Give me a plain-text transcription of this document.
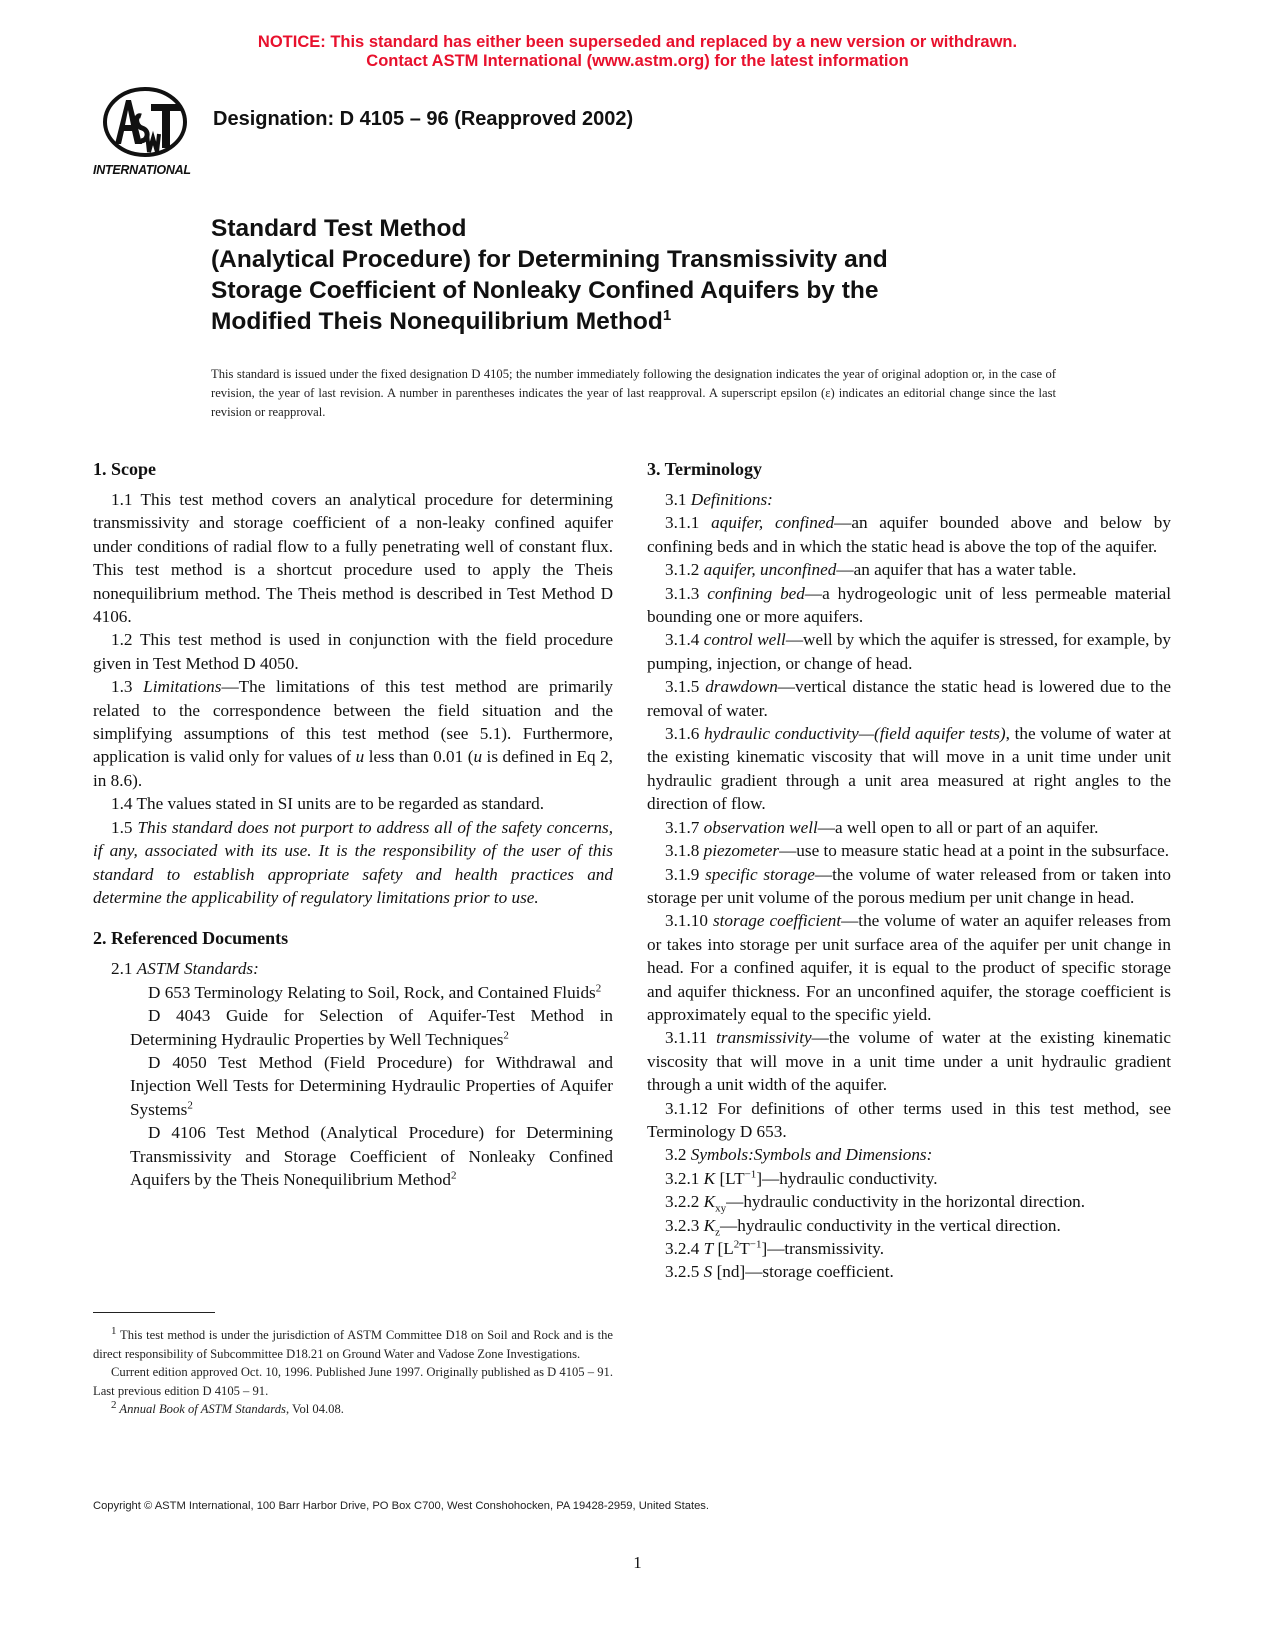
NOTICE: This standard has either been superseded and replaced by a new version or withdrawn.
Contact ASTM International (www.astm.org) for the latest information
INTERNATIONAL
Designation: D 4105 – 96 (Reapproved 2002)
Standard Test Method
(Analytical Procedure) for Determining Transmissivity and
Storage Coefficient of Nonleaky Confined Aquifers by the
Modified Theis Nonequilibrium Method$^1$
This standard is issued under the fixed designation D 4105; the number immediately following the designation indicates the year of original adoption or, in the case of revision, the year of last revision. A number in parentheses indicates the year of last reapproval. A superscript epsilon (ε) indicates an editorial change since the last revision or reapproval.
1. Scope

1.1 This test method covers an analytical procedure for determining transmissivity and storage coefficient of a non-leaky confined aquifer under conditions of radial flow to a fully penetrating well of constant flux. This test method is a shortcut procedure used to apply the Theis nonequilibrium method. The Theis method is described in Test Method D 4106.

1.2 This test method is used in conjunction with the field procedure given in Test Method D 4050.

1.3 Limitations—The limitations of this test method are primarily related to the correspondence between the field situation and the simplifying assumptions of this test method (see 5.1). Furthermore, application is valid only for values of u less than 0.01 (u is defined in Eq 2, in 8.6).

1.4 The values stated in SI units are to be regarded as standard.

1.5 This standard does not purport to address all of the safety concerns, if any, associated with its use. It is the responsibility of the user of this standard to establish appropriate safety and health practices and determine the applicability of regulatory limitations prior to use.

2. Referenced Documents

2.1 ASTM Standards:

D 653 Terminology Relating to Soil, Rock, and Contained Fluids$^2$

D 4043 Guide for Selection of Aquifer-Test Method in Determining Hydraulic Properties by Well Techniques$^2$

D 4050 Test Method (Field Procedure) for Withdrawal and Injection Well Tests for Determining Hydraulic Properties of Aquifer Systems$^2$

D 4106 Test Method (Analytical Procedure) for Determining Transmissivity and Storage Coefficient of Nonleaky Confined Aquifers by the Theis Nonequilibrium Method$^2$

$^1$ This test method is under the jurisdiction of ASTM Committee D18 on Soil and Rock and is the direct responsibility of Subcommittee D18.21 on Ground Water and Vadose Zone Investigations.

Current edition approved Oct. 10, 1996. Published June 1997. Originally published as D 4105 – 91. Last previous edition D 4105 – 91.

$^2$ Annual Book of ASTM Standards, Vol 04.08.

3. Terminology

3.1 Definitions:

3.1.1 aquifer, confined—an aquifer bounded above and below by confining beds and in which the static head is above the top of the aquifer.

3.1.2 aquifer, unconfined—an aquifer that has a water table.

3.1.3 confining bed—a hydrogeologic unit of less permeable material bounding one or more aquifers.

3.1.4 control well—well by which the aquifer is stressed, for example, by pumping, injection, or change of head.

3.1.5 drawdown—vertical distance the static head is lowered due to the removal of water.

3.1.6 hydraulic conductivity—(field aquifer tests), the volume of water at the existing kinematic viscosity that will move in a unit time under unit hydraulic gradient through a unit area measured at right angles to the direction of flow.

3.1.7 observation well—a well open to all or part of an aquifer.

3.1.8 piezometer—use to measure static head at a point in the subsurface.

3.1.9 specific storage—the volume of water released from or taken into storage per unit volume of the porous medium per unit change in head.

3.1.10 storage coefficient—the volume of water an aquifer releases from or takes into storage per unit surface area of the aquifer per unit change in head. For a confined aquifer, it is equal to the product of specific storage and aquifer thickness. For an unconfined aquifer, the storage coefficient is approximately equal to the specific yield.

3.1.11 transmissivity—the volume of water at the existing kinematic viscosity that will move in a unit time under a unit hydraulic gradient through a unit width of the aquifer.

3.1.12 For definitions of other terms used in this test method, see Terminology D 653.

3.2 Symbols:Symbols and Dimensions:

3.2.1 K $[LT^{-1}]—hydraulic$ conductivity.

3.2.2 $K_{xy}—hydraulic$ conductivity in the horizontal direction.

3.2.3 $K_z—hydraulic$ conductivity in the vertical direction.

3.2.4 T $[L^2T^{-1}]—transmissivity$.

3.2.5 S [nd]—storage coefficient.

Copyright © ASTM International, 100 Barr Harbor Drive, PO Box C700, West Conshohocken, PA 19428-2959, United States.
1
